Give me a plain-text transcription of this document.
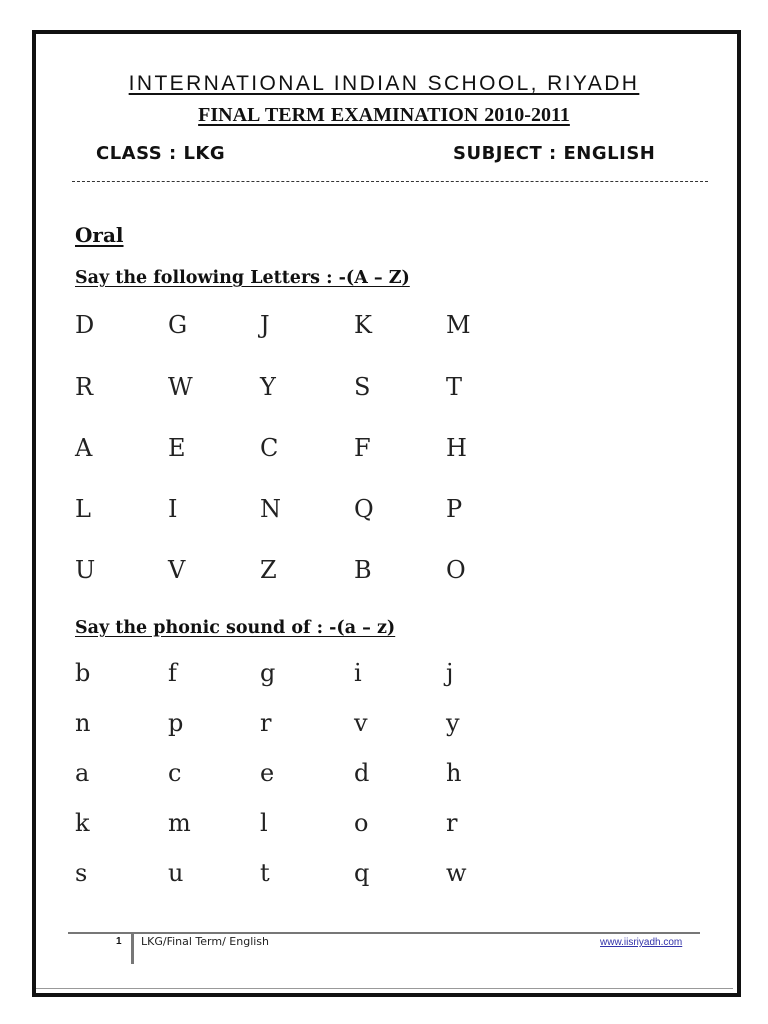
INTERNATIONAL INDIAN SCHOOL, RIYADH
FINAL TERM EXAMINATION 2010-2011
CLASS : LKG	SUBJECT : ENGLISH
Oral
Say the following Letters : -(A – Z)
D	G	J	K	M
R	W	Y	S	T
A	E	C	F	H
L	I	N	Q	P
U	V	Z	B	O
Say the phonic sound of : -(a – z)
b	f	g	i	j
n	p	r	v	y
a	c	e	d	h
k	m	l	o	r
s	u	t	q	w
1 LKG/Final Term/ English	www.iisriyadh.com
